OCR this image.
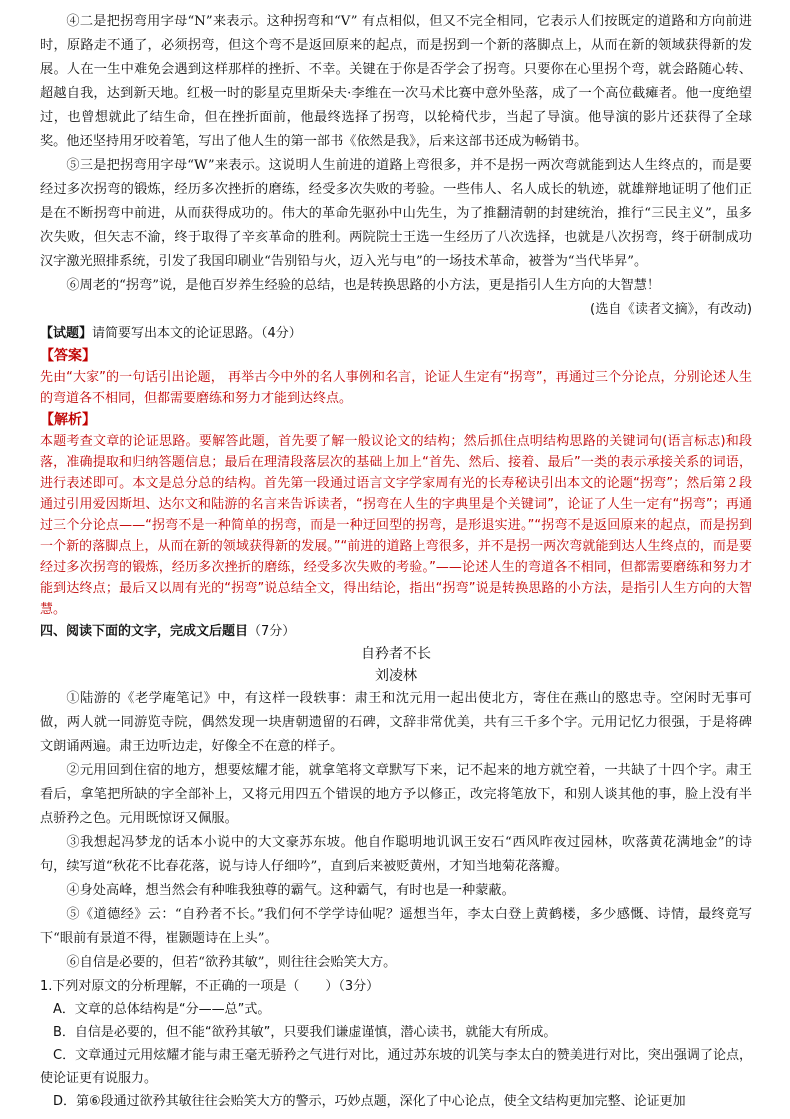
④二是把拐弯用字母“N”来表示。这种拐弯和“V” 有点相似，但又不完全相同，它表示人们按既定的道路和方向前进时，原路走不通了，必须拐弯，但这个弯不是返回原来的起点，而是拐到一个新的落脚点上，从而在新的领域获得新的发展。人在一生中难免会遇到这样那样的挫折、不幸。关键在于你是否学会了拐弯。只要你在心里拐个弯，就会路随心转、超越自我，达到新天地。红极一时的影星克里斯朵夫·李维在一次马术比赛中意外坠落，成了一个高位截瘫者。他一度绝望过，也曾想就此了结生命，但在挫折面前，他最终选择了拐弯，以轮椅代步，当起了导演。他导演的影片还获得了全球奖。他还坚持用牙咬着笔，写出了他人生的第一部书《依然是我》，后来这部书还成为畅销书。

⑤三是把拐弯用字母“W”来表示。这说明人生前进的道路上弯很多，并不是拐一两次弯就能到达人生终点的，而是要经过多次拐弯的锻炼，经历多次挫折的磨练，经受多次失败的考验。一些伟人、名人成长的轨迹，就雄辩地证明了他们正是在不断拐弯中前进，从而获得成功的。伟大的革命先驱孙中山先生，为了推翻清朝的封建统治，推行“三民主义”，虽多次失败，但矢志不渝，终于取得了辛亥革命的胜利。两院院士王选一生经历了八次选择，也就是八次拐弯，终于研制成功汉字激光照排系统，引发了我国印刷业“告别铅与火，迈入光与电”的一场技术革命，被誉为“当代毕昇”。

⑥周老的“拐弯”说，是他百岁养生经验的总结，也是转换思路的小方法，更是指引人生方向的大智慧！

(选自《读者文摘》，有改动)

【试题】请简要写出本文的论证思路。（4分）

【答案】

先由“大家”的一句话引出论题， 再举古今中外的名人事例和名言，论证人生定有“拐弯”，再通过三个分论点，分别论述人生的弯道各不相同，但都需要磨练和努力才能到达终点。

【解析】

本题考查文章的论证思路。要解答此题，首先要了解一般议论文的结构；然后抓住点明结构思路的关键词句(语言标志)和段落，准确提取和归纳答题信息；最后在理清段落层次的基础上加上“首先、然后、接着、最后”一类的表示承接关系的词语，进行表述即可。本文是总分总的结构。首先第一段通过语言文字学家周有光的长寿秘诀引出本文的论题“拐弯”；然后第２段通过引用爱因斯坦、达尔文和陆游的名言来告诉读者，“拐弯在人生的字典里是个关键词”，论证了人生一定有“拐弯”；再通过三个分论点——“拐弯不是一种简单的拐弯，而是一种迂回型的拐弯，是形退实进。”“拐弯不是返回原来的起点，而是拐到一个新的落脚点上，从而在新的领域获得新的发展。”“前进的道路上弯很多，并不是拐一两次弯就能到达人生终点的，而是要经过多次拐弯的锻炼，经历多次挫折的磨练，经受多次失败的考验。”——论述人生的弯道各不相同，但都需要磨练和努力才能到达终点；最后又以周有光的“拐弯”说总结全文，得出结论，指出“拐弯”说是转换思路的小方法，是指引人生方向的大智慧。

四、阅读下面的文字，完成文后题目（7分）

自矜者不长

刘凌林

①陆游的《老学庵笔记》中，有这样一段轶事：肃王和沈元用一起出使北方，寄住在燕山的愍忠寺。空闲时无事可做，两人就一同游览寺院，偶然发现一块唐朝遗留的石碑，文辞非常优美，共有三千多个字。元用记忆力很强，于是将碑文朗诵两遍。肃王边听边走，好像全不在意的样子。

②元用回到住宿的地方，想要炫耀才能，就拿笔将文章默写下来，记不起来的地方就空着，一共缺了十四个字。肃王看后，拿笔把所缺的字全部补上，又将元用四五个错误的地方予以修正，改完将笔放下，和别人谈其他的事，脸上没有半点骄矜之色。元用既惊讶又佩服。

③我想起冯梦龙的话本小说中的大文豪苏东坡。他自作聪明地讥讽王安石“西风昨夜过园林，吹落黄花满地金”的诗句，续写道“秋花不比春花落，说与诗人仔细吟”，直到后来被贬黄州，才知当地菊花落瓣。

④身处高峰，想当然会有种唯我独尊的霸气。这种霸气，有时也是一种蒙蔽。

⑤《道德经》云：“自矜者不长。”我们何不学学诗仙呢？遥想当年，李太白登上黄鹤楼，多少感慨、诗情，最终竟写下“眼前有景道不得，崔颢题诗在上头”。

⑥自信是必要的，但若“欲矜其敏”，则往往会贻笑大方。

1.下列对原文的分析理解，不正确的一项是（　　）（3分）

A．文章的总体结构是“分——总”式。

B．自信是必要的，但不能“欲矜其敏”，只要我们谦虚谨慎，潜心读书，就能大有所成。

C．文章通过元用炫耀才能与肃王毫无骄矜之气进行对比，通过苏东坡的讥笑与李太白的赞美进行对比，突出强调了论点，使论证更有说服力。

D．第⑥段通过欲矜其敏往往会贻笑大方的警示，巧妙点题，深化了中心论点，使全文结构更加完整、论证更加
